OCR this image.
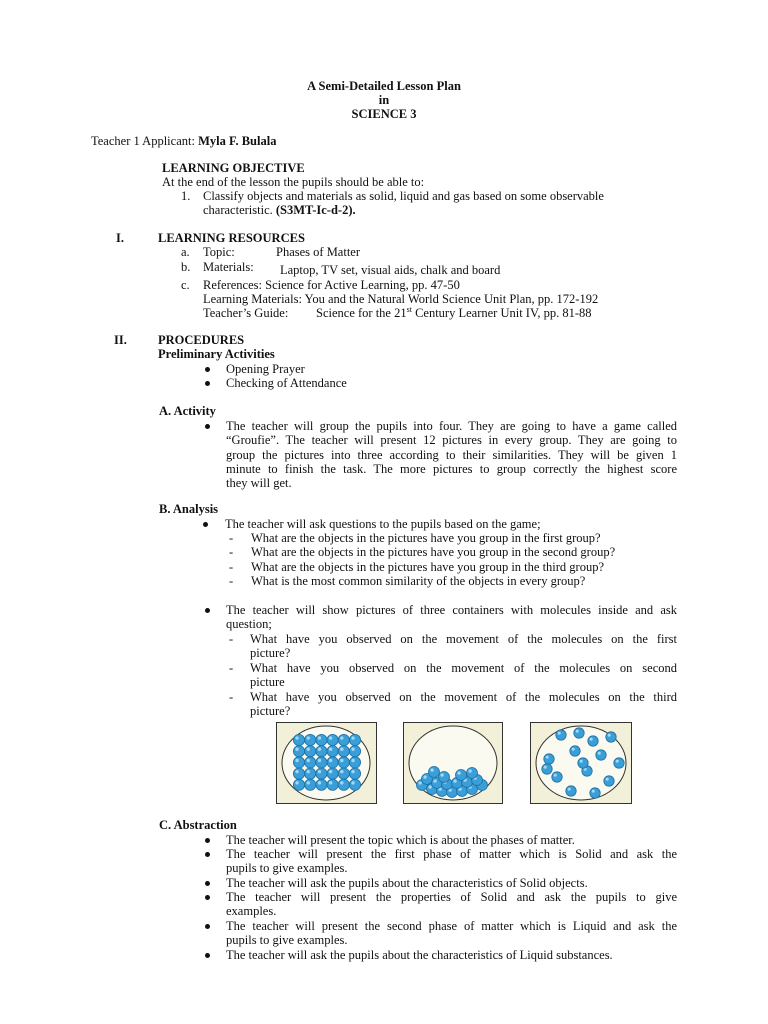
A Semi-Detailed Lesson Plan
in
SCIENCE 3
Teacher 1 Applicant: Myla F. Bulala
LEARNING OBJECTIVE
At the end of the lesson the pupils should be able to:
1. Classify objects and materials as solid, liquid and gas based on some observable
characteristic. (S3MT-Ic-d-2).
I.	LEARNING RESOURCES
a. Topic:	Phases of Matter
b. Materials: Laptop, TV set, visual aids, chalk and board
c. References: Science for Active Learning, pp. 47-50
Learning Materials: You and the Natural World Science Unit Plan, pp. 172-192
Teacher’s Guide: Science for the 21st Century Learner Unit IV, pp. 81-88
II. PROCEDURES
Preliminary Activities
Opening Prayer
Checking of Attendance
A. Activity
The teacher will group the pupils into four. They are going to have a game called
“Groufie”. The teacher will present 12 pictures in every group. They are going to
group the pictures into three according to their similarities. They will be given 1
minute to finish the task. The more pictures to group correctly the highest score
they will get.
B. Analysis
The teacher will ask questions to the pupils based on the game;
- What are the objects in the pictures have you group in the first group?
- What are the objects in the pictures have you group in the second group?
- What are the objects in the pictures have you group in the third group?
- What is the most common similarity of the objects in every group?
The teacher will show pictures of three containers with molecules inside and ask
question;
- What have you observed on the movement of the molecules on the first
picture?
- What have you observed on the movement of the molecules on second
picture
- What have you observed on the movement of the molecules on the third
picture?
C. Abstraction
The teacher will present the topic which is about the phases of matter.
The teacher will present the first phase of matter which is Solid and ask the
pupils to give examples.
The teacher will ask the pupils about the characteristics of Solid objects.
The teacher will present the properties of Solid and ask the pupils to give
examples.
The teacher will present the second phase of matter which is Liquid and ask the
pupils to give examples.
The teacher will ask the pupils about the characteristics of Liquid substances.
